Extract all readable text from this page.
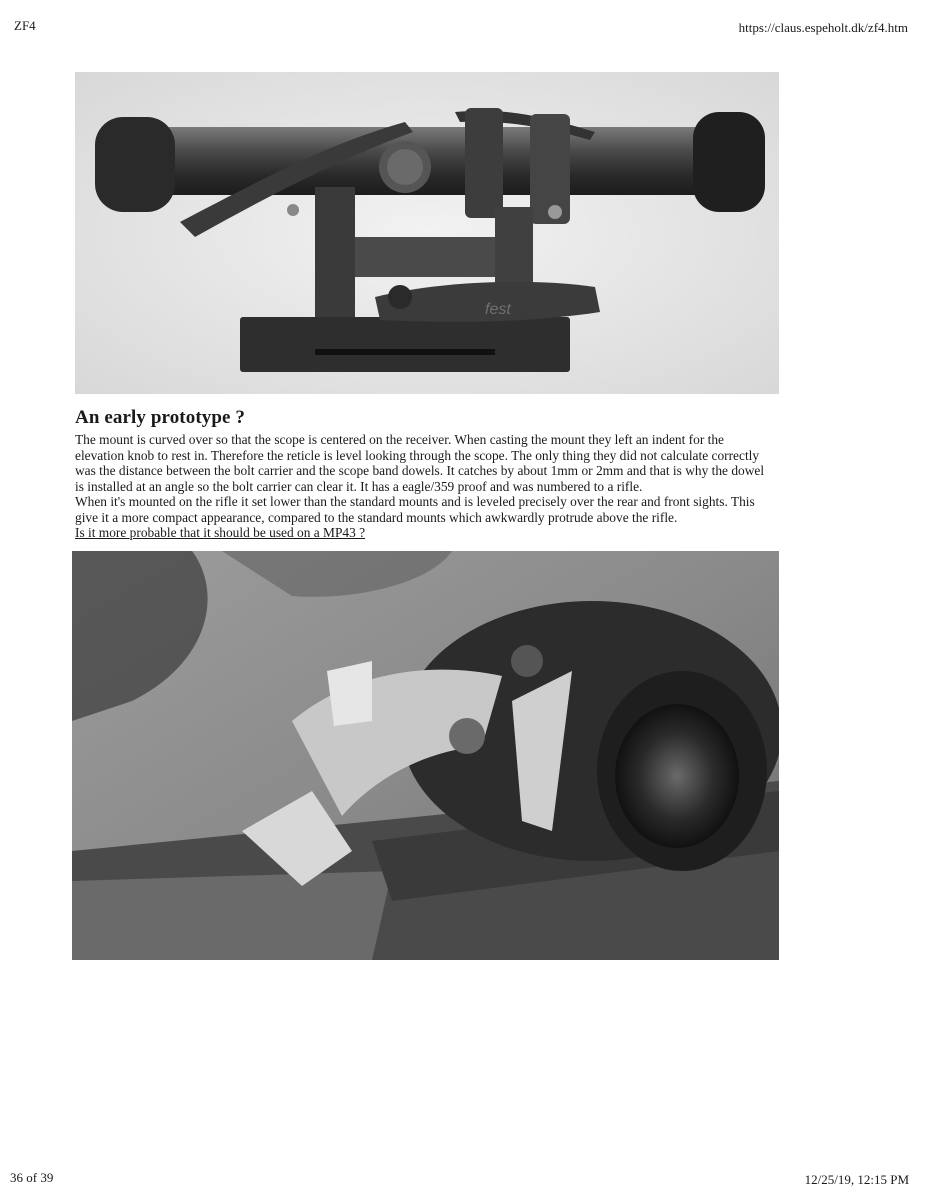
ZF4	https://claus.espeholt.dk/zf4.htm
fest
An early prototype ?

The mount is curved over so that the scope is centered on the receiver. When casting the mount they left an indent for the

elevation knob to rest in. Therefore the reticle is level looking through the scope. The only thing they did not calculate correctly

was the distance between the bolt carrier and the scope band dowels. It catches by about 1mm or 2mm and that is why the dowel

is installed at an angle so the bolt carrier can clear it. It has a eagle/359 proof and was numbered to a rifle.

When it's mounted on the rifle it set lower than the standard mounts and is leveled precisely over the rear and front sights. This

give it a more compact appearance, compared to the standard mounts which awkwardly protrude above the rifle.

Is it more probable that it should be used on a MP43 ?

36 of 39	12/25/19, 12:15 PM
